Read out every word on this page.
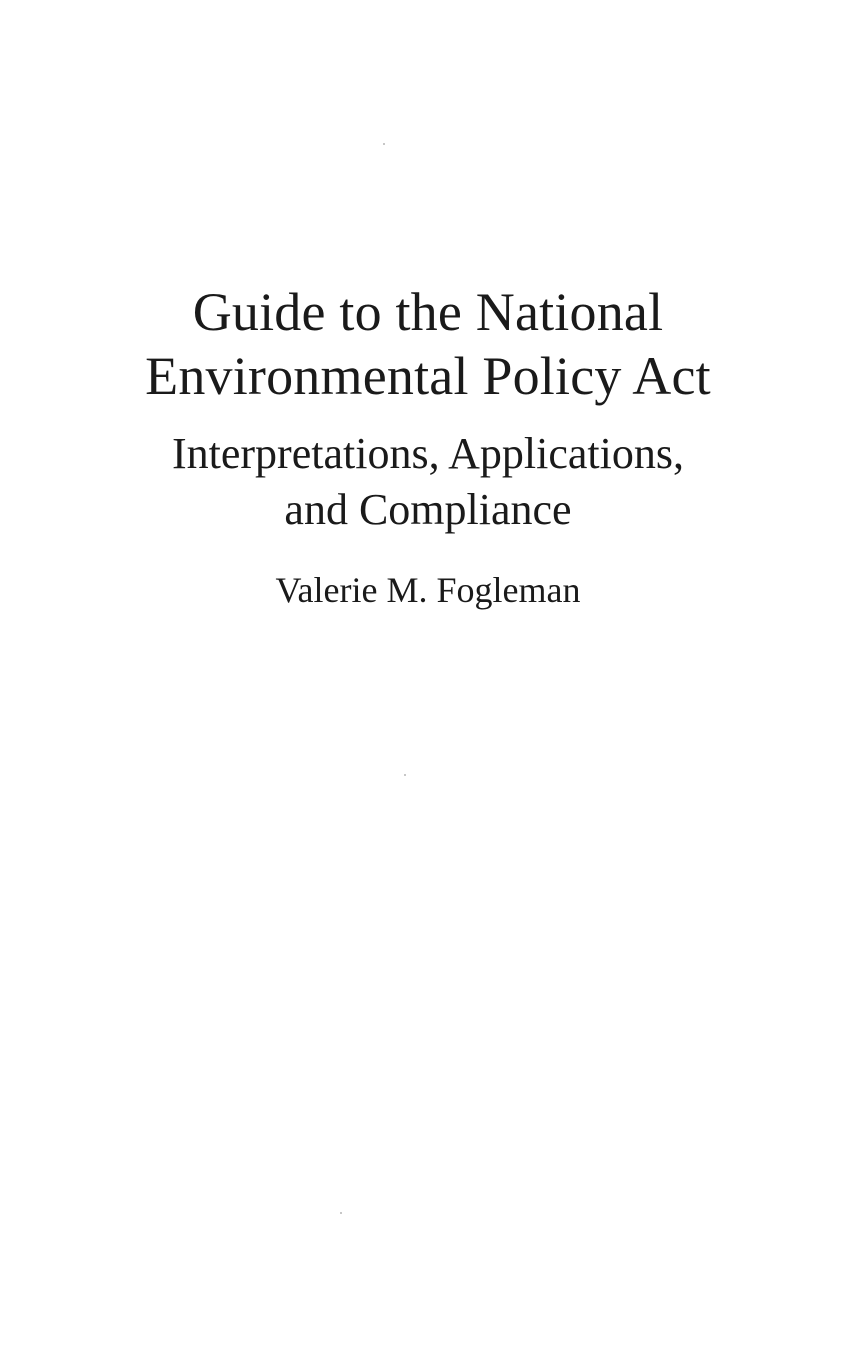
Guide to the National
Environmental Policy Act
Interpretations, Applications,
and Compliance
Valerie M. Fogleman
